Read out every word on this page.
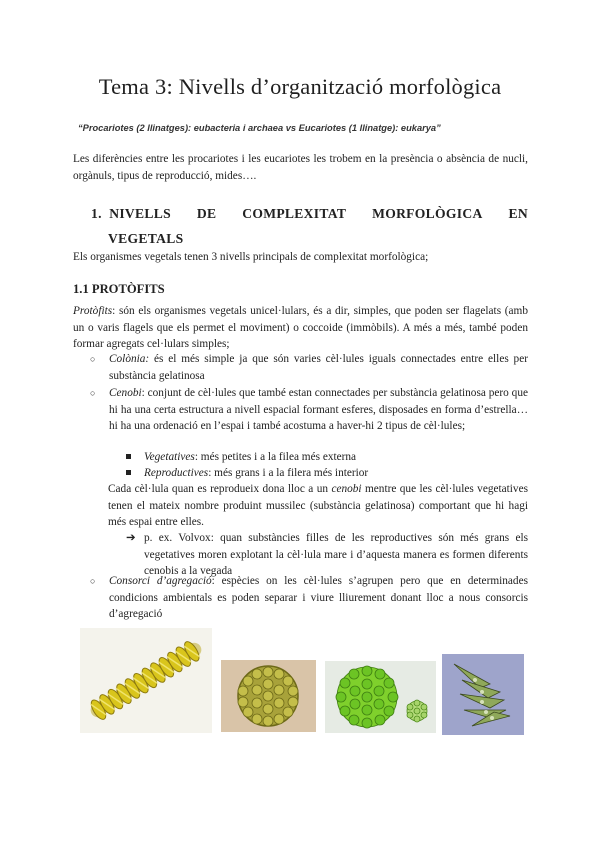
Tema 3: Nivells d’organització morfològica
“Procariotes (2 llinatges): eubacteria i archaea vs Eucariotes (1 llinatge): eukarya”
Les diferències entre les procariotes i les eucariotes les trobem en la presència o absència de nucli, orgànuls, tipus de reproducció, mides….
1. NIVELLS DE COMPLEXITAT MORFOLÒGICA EN
VEGETALS
Els organismes vegetals tenen 3 nivells principals de complexitat morfològica;
1.1 PROTÒFITS
Protòfits: són els organismes vegetals unicel·lulars, és a dir, simples, que poden ser flagelats (amb un o varis flagels que els permet el moviment) o coccoide (immòbils). A més a més, també poden formar agregats cel·lulars simples;
○ Colònia: és el més simple ja que són varies cèl·lules iguals connectades entre elles per substància gelatinosa
○ Cenobi: conjunt de cèl·lules que també estan connectades per substància gelatinosa pero que hi ha una certa estructura a nivell espacial formant esferes, disposades en forma d’estrella… hi ha una ordenació en l’espai i també acostuma a haver-hi 2 tipus de cèl·lules;
Vegetatives: més petites i a la filea més externa
Reproductives: més grans i a la filera més interior
Cada cèl·lula quan es reprodueix dona lloc a un cenobi mentre que les cèl·lules vegetatives tenen el mateix nombre produint mussilec (substància gelatinosa) comportant que hi hagi més espai entre elles.
➔ p. ex. Volvox: quan substàncies filles de les reproductives són més grans els vegetatives moren explotant la cèl·lula mare i d’aquesta manera es formen diferents cenobis a la vegada
○ Consorci d’agregació: espècies on les cèl·lules s’agrupen pero que en determinades condicions ambientals es poden separar i viure lliurement donant lloc a nous consorcis d’agregació
